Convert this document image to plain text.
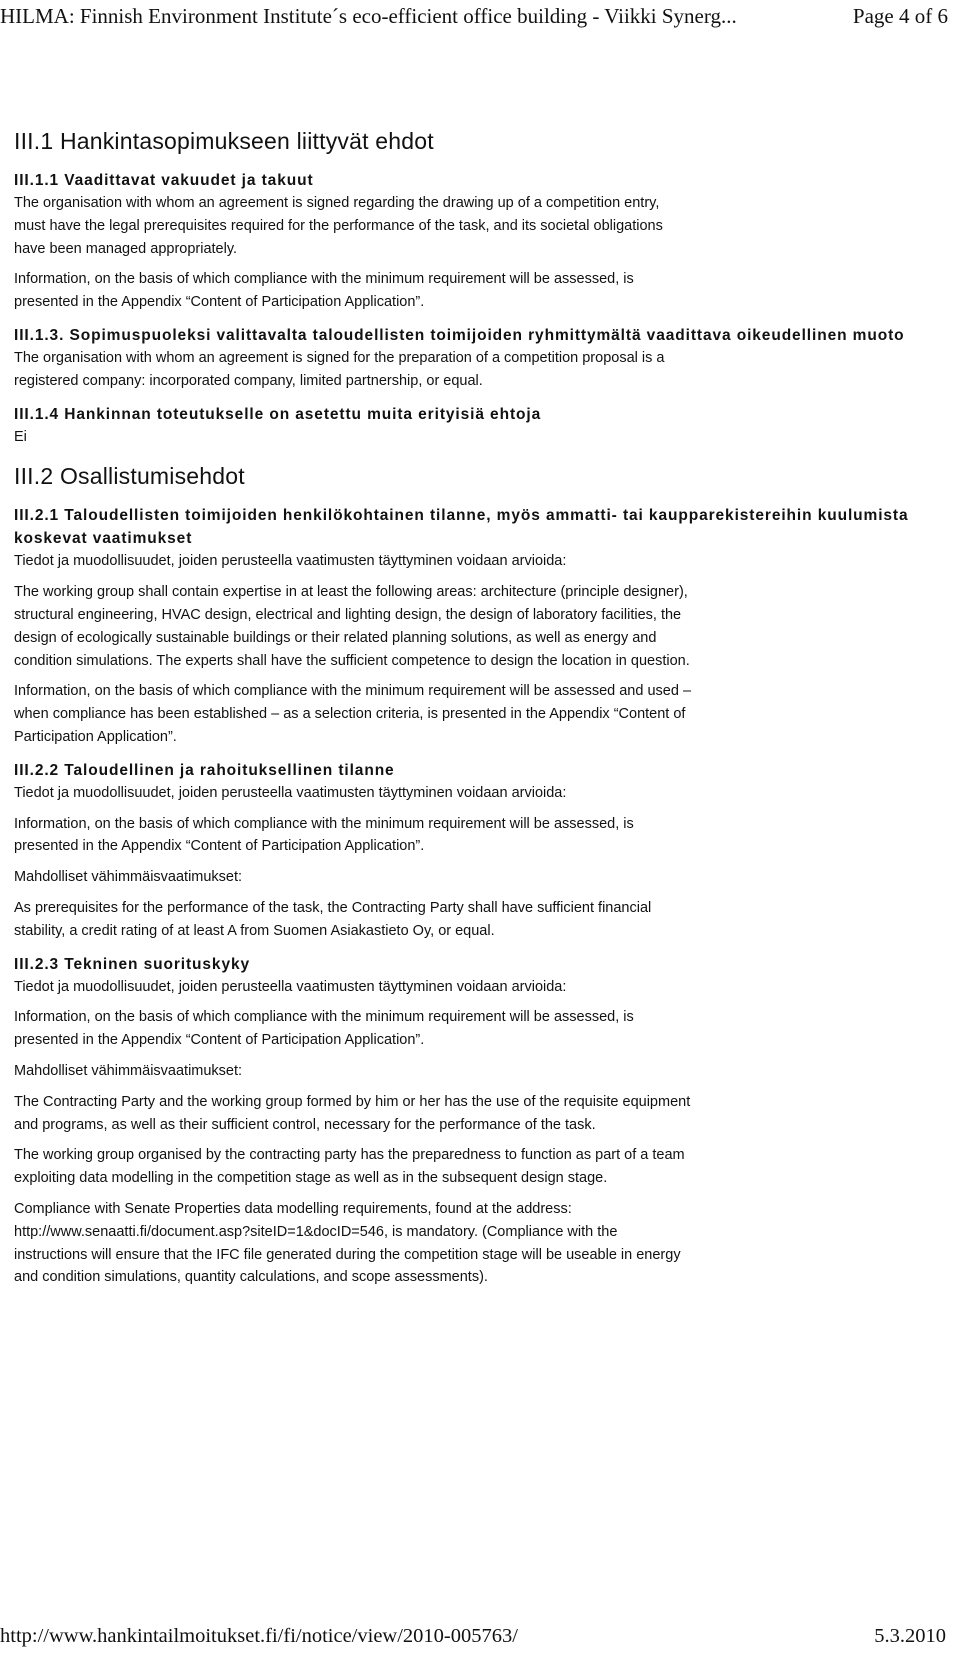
HILMA: Finnish Environment Institute´s eco-efficient office building - Viikki Synerg...	Page 4 of 6
III.1 Hankintasopimukseen liittyvät ehdot
III.1.1 Vaadittavat vakuudet ja takuut

The organisation with whom an agreement is signed regarding the drawing up of a competition entry, must have the legal prerequisites required for the performance of the task, and its societal obligations have been managed appropriately.

Information, on the basis of which compliance with the minimum requirement will be assessed, is presented in the Appendix “Content of Participation Application”.

III.1.3. Sopimuspuoleksi valittavalta taloudellisten toimijoiden ryhmittymältä vaadittava oikeudellinen muoto

The organisation with whom an agreement is signed for the preparation of a competition proposal is a registered company: incorporated company, limited partnership, or equal.

III.1.4 Hankinnan toteutukselle on asetettu muita erityisiä ehtoja

Ei

III.2 Osallistumisehdot
III.2.1 Taloudellisten toimijoiden henkilökohtainen tilanne, myös ammatti- tai kaupparekistereihin kuulumista koskevat vaatimukset

Tiedot ja muodollisuudet, joiden perusteella vaatimusten täyttyminen voidaan arvioida:

The working group shall contain expertise in at least the following areas: architecture (principle designer), structural engineering, HVAC design, electrical and lighting design, the design of laboratory facilities, the design of ecologically sustainable buildings or their related planning solutions, as well as energy and condition simulations. The experts shall have the sufficient competence to design the location in question.

Information, on the basis of which compliance with the minimum requirement will be assessed and used – when compliance has been established – as a selection criteria, is presented in the Appendix “Content of Participation Application”.

III.2.2 Taloudellinen ja rahoituksellinen tilanne

Tiedot ja muodollisuudet, joiden perusteella vaatimusten täyttyminen voidaan arvioida:

Information, on the basis of which compliance with the minimum requirement will be assessed, is presented in the Appendix “Content of Participation Application”.

Mahdolliset vähimmäisvaatimukset:

As prerequisites for the performance of the task, the Contracting Party shall have sufficient financial stability, a credit rating of at least A from Suomen Asiakastieto Oy, or equal.

III.2.3 Tekninen suorituskyky

Tiedot ja muodollisuudet, joiden perusteella vaatimusten täyttyminen voidaan arvioida:

Information, on the basis of which compliance with the minimum requirement will be assessed, is presented in the Appendix “Content of Participation Application”.

Mahdolliset vähimmäisvaatimukset:

The Contracting Party and the working group formed by him or her has the use of the requisite equipment and programs, as well as their sufficient control, necessary for the performance of the task.

The working group organised by the contracting party has the preparedness to function as part of a team exploiting data modelling in the competition stage as well as in the subsequent design stage.

Compliance with Senate Properties data modelling requirements, found at the address: http://www.senaatti.fi/document.asp?siteID=1&docID=546, is mandatory. (Compliance with the instructions will ensure that the IFC file generated during the competition stage will be useable in energy and condition simulations, quantity calculations, and scope assessments).

http://www.hankintailmoitukset.fi/fi/notice/view/2010-005763/	5.3.2010
